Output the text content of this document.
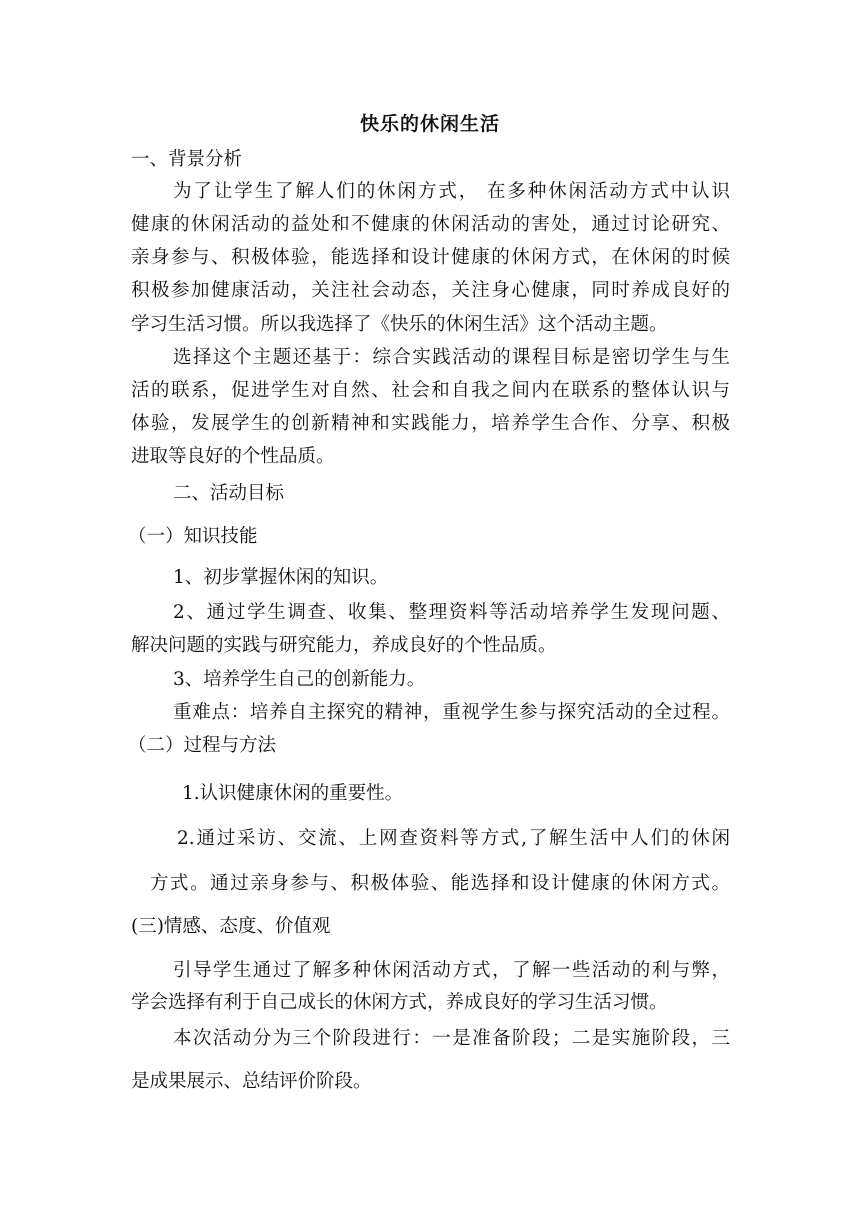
快乐的休闲生活
一、背景分析
为了让学生了解人们的休闲方式， 在多种休闲活动方式中认识
健康的休闲活动的益处和不健康的休闲活动的害处，通过讨论研究、
亲身参与、积极体验，能选择和设计健康的休闲方式，在休闲的时候
积极参加健康活动，关注社会动态，关注身心健康，同时养成良好的
学习生活习惯。所以我选择了《快乐的休闲生活》这个活动主题。
选择这个主题还基于：综合实践活动的课程目标是密切学生与生
活的联系，促进学生对自然、社会和自我之间内在联系的整体认识与
体验，发展学生的创新精神和实践能力，培养学生合作、分享、积极
进取等良好的个性品质。
二、活动目标
（一）知识技能
1、初步掌握休闲的知识。
2、通过学生调查、收集、整理资料等活动培养学生发现问题、
解决问题的实践与研究能力，养成良好的个性品质。
3、培养学生自己的创新能力。
重难点：培养自主探究的精神，重视学生参与探究活动的全过程。
（二）过程与方法
1.认识健康休闲的重要性。
2.通过采访、交流、上网查资料等方式,了解生活中人们的休闲
方式。通过亲身参与、积极体验、能选择和设计健康的休闲方式。
(三)情感、态度、价值观
引导学生通过了解多种休闲活动方式，了解一些活动的利与弊，
学会选择有利于自己成长的休闲方式，养成良好的学习生活习惯。
本次活动分为三个阶段进行：一是准备阶段；二是实施阶段，三
是成果展示、总结评价阶段。
